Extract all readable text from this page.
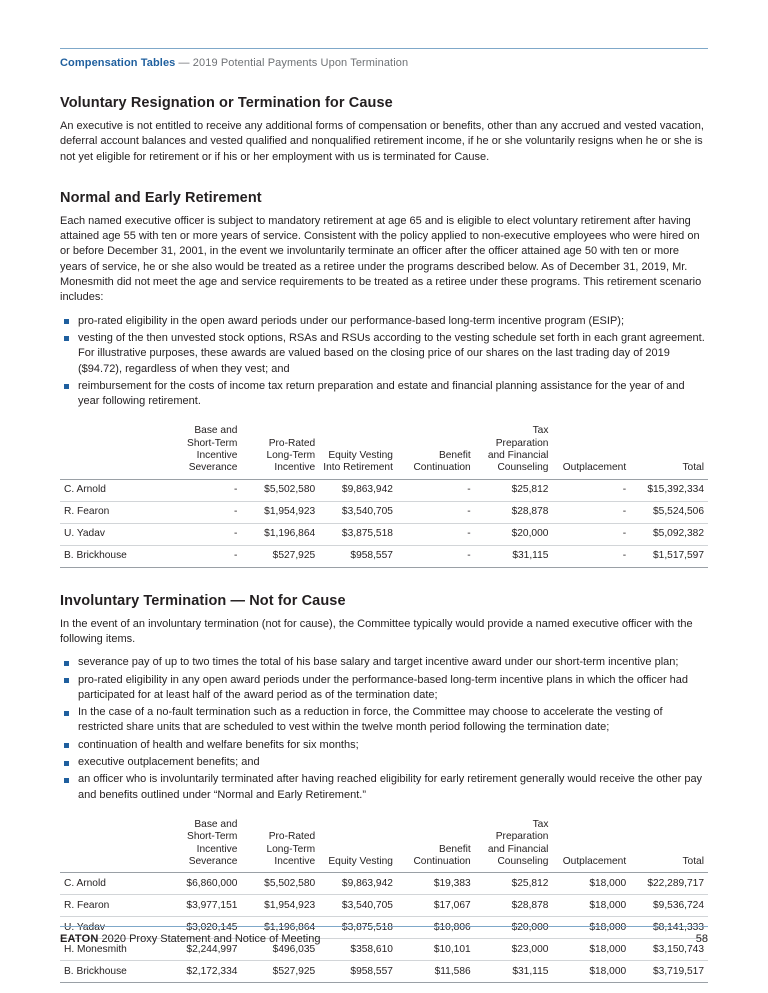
Compensation Tables — 2019 Potential Payments Upon Termination
Voluntary Resignation or Termination for Cause

An executive is not entitled to receive any additional forms of compensation or benefits, other than any accrued and vested vacation, deferral account balances and vested qualified and nonqualified retirement income, if he or she voluntarily resigns when he or she is not yet eligible for retirement or if his or her employment with us is terminated for Cause.

Normal and Early Retirement

Each named executive officer is subject to mandatory retirement at age 65 and is eligible to elect voluntary retirement after having attained age 55 with ten or more years of service. Consistent with the policy applied to non-executive employees who were hired on or before December 31, 2001, in the event we involuntarily terminate an officer after the officer attained age 50 with ten or more years of service, he or she also would be treated as a retiree under the programs described below. As of December 31, 2019, Mr. Monesmith did not meet the age and service requirements to be treated as a retiree under these programs. This retirement scenario includes:

pro-rated eligibility in the open award periods under our performance-based long-term incentive program (ESIP);
vesting of the then unvested stock options, RSAs and RSUs according to the vesting schedule set forth in each grant agreement. For illustrative purposes, these awards are valued based on the closing price of our shares on the last trading day of 2019 ($94.72), regardless of when they vest; and
reimbursement for the costs of income tax return preparation and estate and financial planning assistance for the year of and year following retirement.
	Base and Short-Term Incentive Severance	Pro-Rated Long-Term Incentive	Equity Vesting Into Retirement	Benefit Continuation	Tax Preparation and Financial Counseling	Outplacement	Total
C. Arnold	-	$5,502,580	$9,863,942	-	$25,812	-	$15,392,334
R. Fearon	-	$1,954,923	$3,540,705	-	$28,878	-	$5,524,506
U. Yadav	-	$1,196,864	$3,875,518	-	$20,000	-	$5,092,382
B. Brickhouse	-	$527,925	$958,557	-	$31,115	-	$1,517,597
Involuntary Termination — Not for Cause

In the event of an involuntary termination (not for cause), the Committee typically would provide a named executive officer with the following items.

severance pay of up to two times the total of his base salary and target incentive award under our short-term incentive plan;
pro-rated eligibility in any open award periods under the performance-based long-term incentive plans in which the officer had participated for at least half of the award period as of the termination date;
In the case of a no-fault termination such as a reduction in force, the Committee may choose to accelerate the vesting of restricted share units that are scheduled to vest within the twelve month period following the termination date;
continuation of health and welfare benefits for six months;
executive outplacement benefits; and
an officer who is involuntarily terminated after having reached eligibility for early retirement generally would receive the other pay and benefits outlined under “Normal and Early Retirement.”
	Base and Short-Term Incentive Severance	Pro-Rated Long-Term Incentive	Equity Vesting	Benefit Continuation	Tax Preparation and Financial Counseling	Outplacement	Total
C. Arnold	$6,860,000	$5,502,580	$9,863,942	$19,383	$25,812	$18,000	$22,289,717
R. Fearon	$3,977,151	$1,954,923	$3,540,705	$17,067	$28,878	$18,000	$9,536,724
U. Yadav	$3,020,145	$1,196,864	$3,875,518	$10,806	$20,000	$18,000	$8,141,333
H. Monesmith	$2,244,997	$496,035	$358,610	$10,101	$23,000	$18,000	$3,150,743
B. Brickhouse	$2,172,334	$527,925	$958,557	$11,586	$31,115	$18,000	$3,719,517
EATON 2020 Proxy Statement and Notice of Meeting	58
